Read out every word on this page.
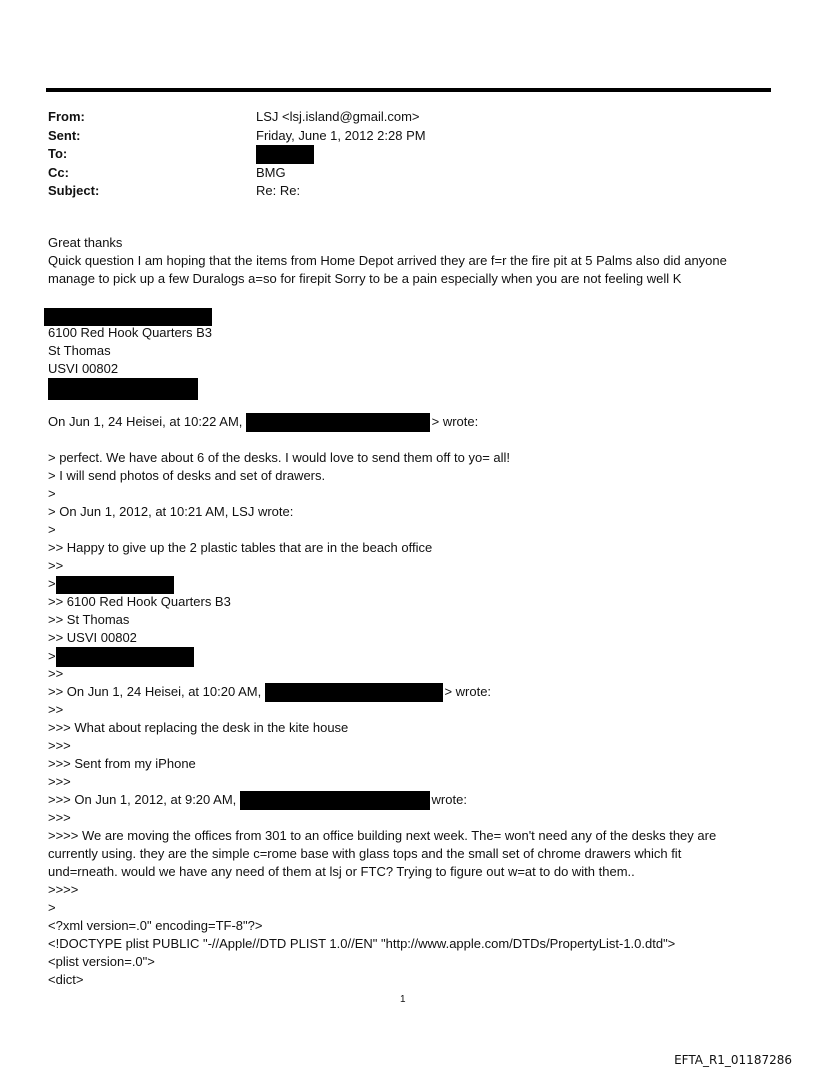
From:	LSJ <lsj.island@gmail.com>
Sent:	Friday, June 1, 2012 2:28 PM
To:
Cc:	BMG
Subject:	Re: Re:
Great thanks
Quick question I am hoping that the items from Home Depot arrived they are f=r the fire pit at 5 Palms also did anyone
manage to pick up a few Duralogs a=so for firepit Sorry to be a pain especially when you are not feeling well K
6100 Red Hook Quarters B3
St Thomas
USVI 00802
On Jun 1, 24 Heisei, at 10:22 AM,	> wrote:
> perfect. We have about 6 of the desks. I would love to send them off to yo= all!
> I will send photos of desks and set of drawers.
>
> On Jun 1, 2012, at 10:21 AM, LSJ wrote:
>
>> Happy to give up the 2 plastic tables that are in the beach office
>>
>
>> 6100 Red Hook Quarters B3
>> St Thomas
>> USVI 00802
>
>>
>> On Jun 1, 24 Heisei, at 10:20 AM,	> wrote:
>>
>>> What about replacing the desk in the kite house
>>>
>>> Sent from my iPhone
>>>
>>> On Jun 1, 2012, at 9:20 AM,	wrote:
>>>
>>>> We are moving the offices from 301 to an office building next week. The= won't need any of the desks they are
currently using. they are the simple c=rome base with glass tops and the small set of chrome drawers which fit
und=rneath. would we have any need of them at lsj or FTC? Trying to figure out w=at to do with them..
>>>>
>
<?xml version=.0" encoding=TF-8"?>
<!DOCTYPE plist PUBLIC "-//Apple//DTD PLIST 1.0//EN" "http://www.apple.com/DTDs/PropertyList-1.0.dtd">
<plist version=.0">
<dict>
1
EFTA_R1_01187286
